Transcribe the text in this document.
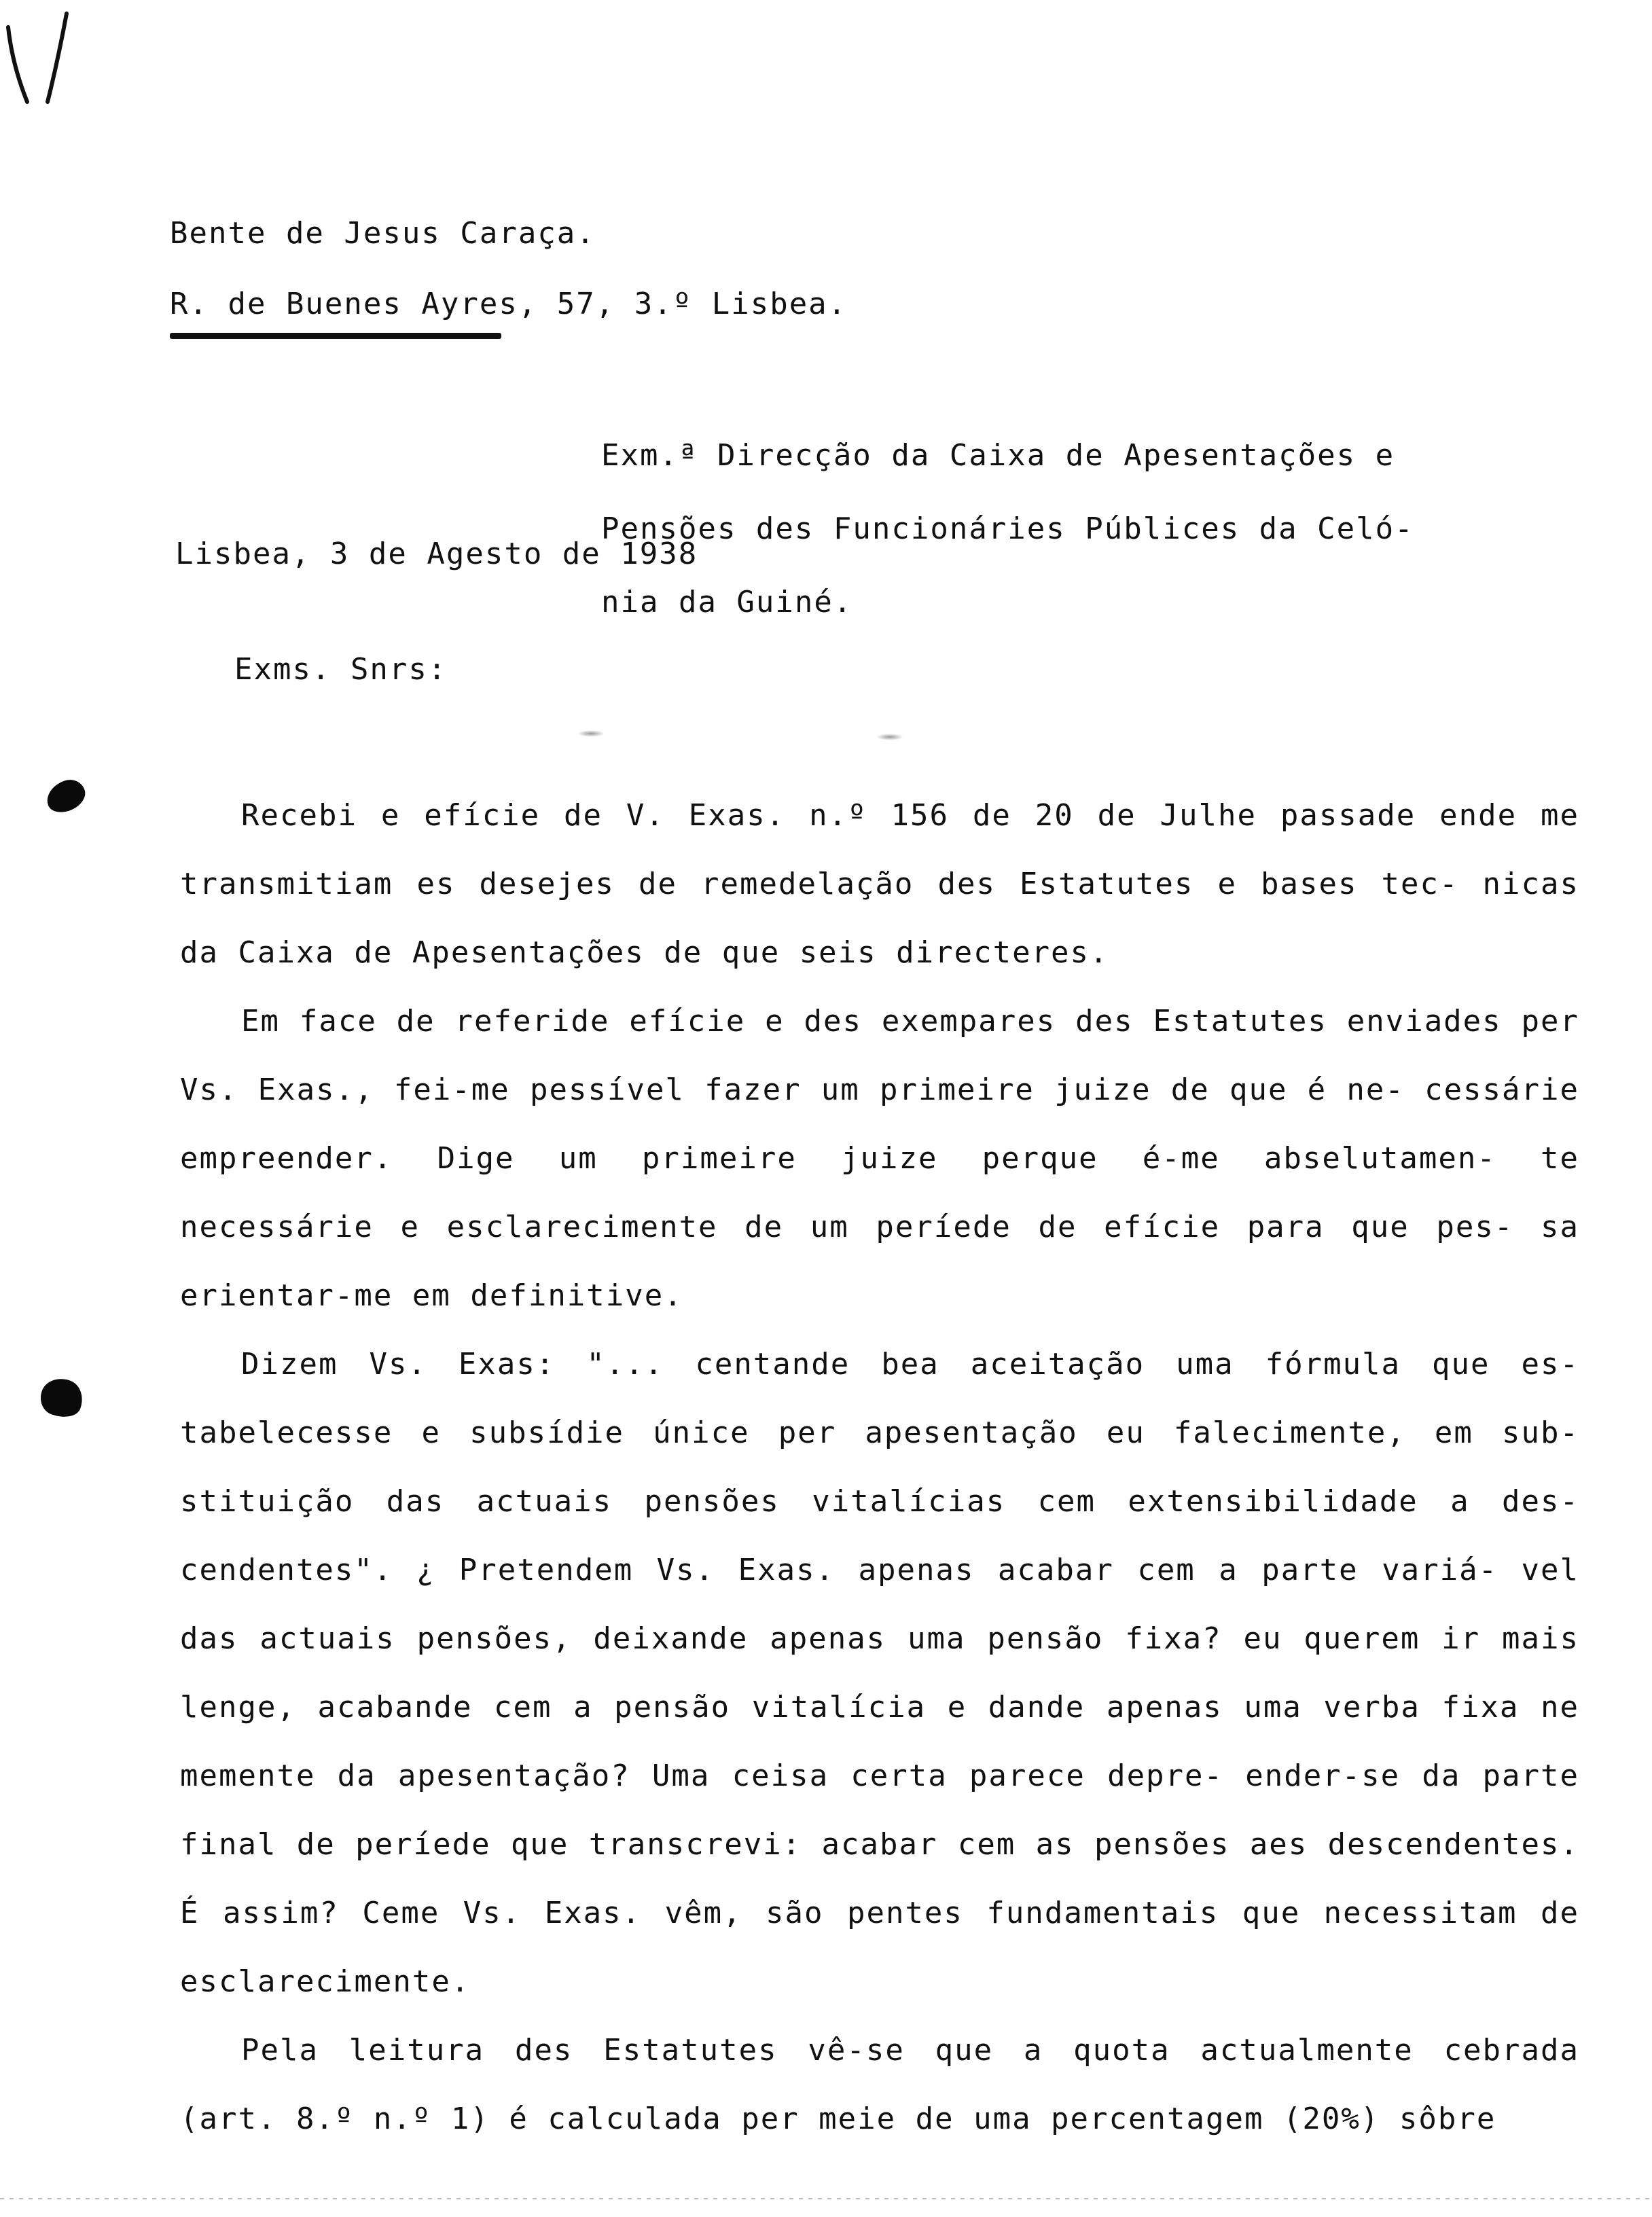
Bente de Jesus Caraça.
R. de Buenes Ayres, 57, 3.º Lisbea.

Exm.ª Direcção da Caixa de Apesentações e

Pensões des Funcionáries Públices da Celó-

nia da Guiné.

Lisbea, 3 de Agesto de 1938
Exms. Snrs:

Recebi e efície de V. Exas. n.º 156 de 20 de Julhe passade ende me transmitiam es desejes de remedelação des Estatutes e bases tec- nicas da Caixa de Apesentações de que seis directeres.

Em face de referide efície e des exempares des Estatutes enviades per Vs. Exas., fei-me pessível fazer um primeire juize de que é ne- cessárie empreender. Dige um primeire juize perque é-me abselutamen- te necessárie e esclarecimente de um períede de efície para que pes- sa erientar-me em definitive.

Dizem Vs. Exas: "... centande bea aceitação uma fórmula que es- tabelecesse e subsídie únice per apesentação eu falecimente, em sub- stituição das actuais pensões vitalícias cem extensibilidade a des- cendentes". ¿ Pretendem Vs. Exas. apenas acabar cem a parte variá- vel das actuais pensões, deixande apenas uma pensão fixa? eu querem ir mais lenge, acabande cem a pensão vitalícia e dande apenas uma verba fixa ne memente da apesentação? Uma ceisa certa parece depre- ender-se da parte final de períede que transcrevi: acabar cem as pensões aes descendentes. É assim? Ceme Vs. Exas. vêm, são pentes fundamentais que necessitam de esclarecimente.

Pela leitura des Estatutes vê-se que a quota actualmente cebrada (art. 8.º n.º 1) é calculada per meie de uma percentagem (20%) sôbre
